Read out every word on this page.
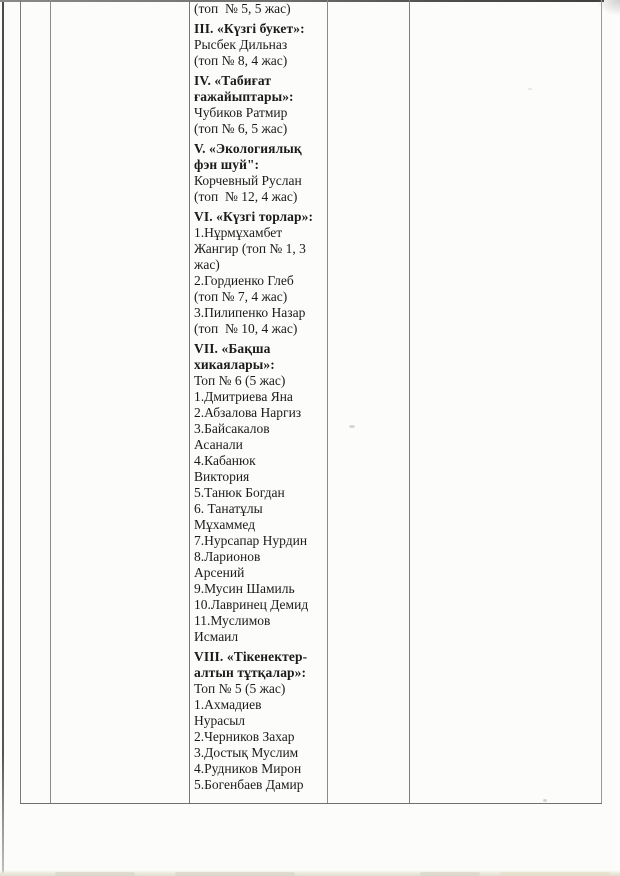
(топ  № 5, 5 жас)
III. «Күзгі букет»:
Рысбек Дильназ
(топ № 8, 4 жас)
IV. «Табиғат
ғажайыптары»:
Чубиков Ратмир
(топ № 6, 5 жас)
V. «Экологиялық
фэн шуй":
Корчевный Руслан
(топ  № 12, 4 жас)
VI. «Күзгі торлар»:
1.Нұрмұхамбет
Жангир (топ № 1, 3
жас)
2.Гордиенко Глеб
(топ № 7, 4 жас)
3.Пилипенко Назар
(топ  № 10, 4 жас)
VII. «Бақша
хикаялары»:
Топ № 6 (5 жас)
1.Дмитриева Яна
2.Абзалова Наргиз
3.Байсакалов
Асанали
4.Кабанюк
Виктория
5.Танюк Богдан
6. Танатұлы
Мұхаммед
7.Нурсапар Нурдин
8.Ларионов
Арсений
9.Мусин Шамиль
10.Лавринец Демид
11.Муслимов
Исмаил
VIII. «Тікенектер-
алтын тұтқалар»:
Топ № 5 (5 жас)
1.Ахмадиев
Нурасыл
2.Черников Захар
3.Достық Муслим
4.Рудников Мирон
5.Богенбаев Дамир
